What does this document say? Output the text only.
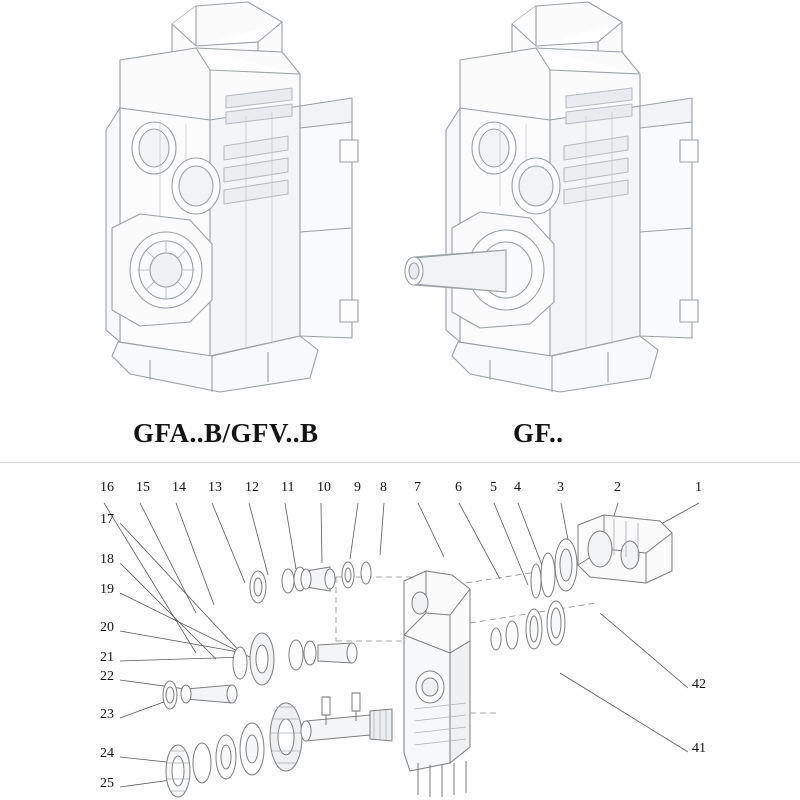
GFA..B/GFV..B	GF..
16 15 14 13 12 11 10 9 8 7 6 5 4	3	2	1
17
18
19
20
21
22
23
24
25
42
41
